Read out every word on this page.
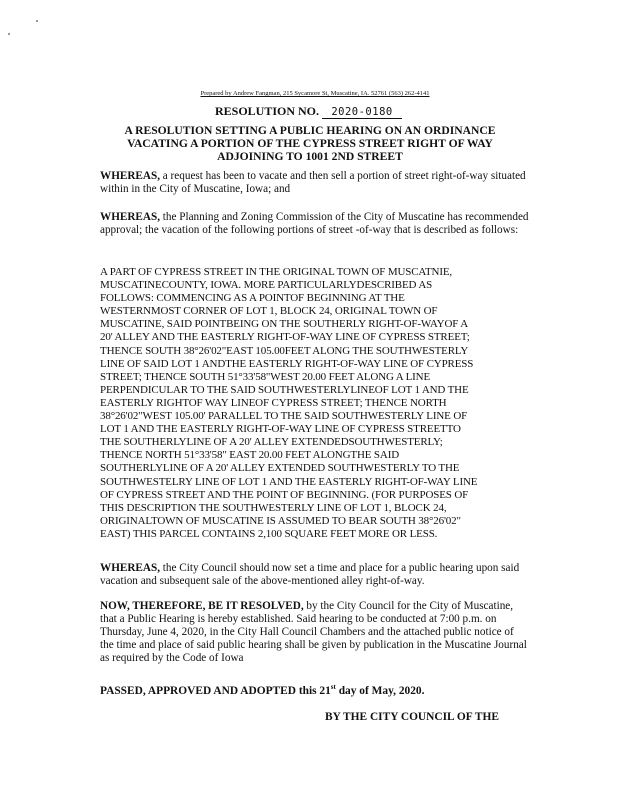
Prepared by Andrew Fangman, 215 Sycamore St, Muscatine, IA. 52761 (563) 262-4141
RESOLUTION NO. 2020-0180
A RESOLUTION SETTING A PUBLIC HEARING ON AN ORDINANCE VACATING A PORTION OF THE CYPRESS STREET RIGHT OF WAY ADJOINING TO 1001 2ND STREET
WHEREAS, a request has been to vacate and then sell a portion of street right-of-way situated within in the City of Muscatine, Iowa; and
WHEREAS, the Planning and Zoning Commission of the City of Muscatine has recommended approval; the vacation of the following portions of street -of-way that is described as follows:
A PART OF CYPRESS STREET IN THE ORIGINAL TOWN OF MUSCATNIE,
MUSCATINECOUNTY, IOWA. MORE PARTICULARLYDESCRIBED AS
FOLLOWS: COMMENCING AS A POINTOF BEGINNING AT THE
WESTERNMOST CORNER OF LOT 1, BLOCK 24, ORIGINAL TOWN OF
MUSCATINE, SAID POINTBEING ON THE SOUTHERLY RIGHT-OF-WAYOF A
20' ALLEY AND THE EASTERLY RIGHT-OF-WAY LINE OF CYPRESS STREET;
THENCE SOUTH 38°26'02"EAST 105.00FEET ALONG THE SOUTHWESTERLY
LINE OF SAID LOT 1 ANDTHE EASTERLY RIGHT-OF-WAY LINE OF CYPRESS
STREET; THENCE SOUTH 51°33'58"WEST 20.00 FEET ALONG A LINE
PERPENDICULAR TO THE SAID SOUTHWESTERLYLINEOF LOT 1 AND THE
EASTERLY RIGHTOF WAY LINEOF CYPRESS STREET; THENCE NORTH
38°26'02"WEST 105.00' PARALLEL TO THE SAID SOUTHWESTERLY LINE OF
LOT 1 AND THE EASTERLY RIGHT-OF-WAY LINE OF CYPRESS STREETTO
THE SOUTHERLYLINE OF A 20' ALLEY EXTENDEDSOUTHWESTERLY;
THENCE NORTH 51°33'58" EAST 20.00 FEET ALONGTHE SAID
SOUTHERLYLINE OF A 20' ALLEY EXTENDED SOUTHWESTERLY TO THE
SOUTHWESTELRY LINE OF LOT 1 AND THE EASTERLY RIGHT-OF-WAY LINE
OF CYPRESS STREET AND THE POINT OF BEGINNING. (FOR PURPOSES OF
THIS DESCRIPTION THE SOUTHWESTERLY LINE OF LOT 1, BLOCK 24,
ORIGINALTOWN OF MUSCATINE IS ASSUMED TO BEAR SOUTH 38°26'02"
EAST) THIS PARCEL CONTAINS 2,100 SQUARE FEET MORE OR LESS.
WHEREAS, the City Council should now set a time and place for a public hearing upon said vacation and subsequent sale of the above-mentioned alley right-of-way.
NOW, THEREFORE, BE IT RESOLVED, by the City Council for the City of Muscatine, that a Public Hearing is hereby established. Said hearing to be conducted at 7:00 p.m. on Thursday, June 4, 2020, in the City Hall Council Chambers and the attached public notice of the time and place of said public hearing shall be given by publication in the Muscatine Journal as required by the Code of Iowa
PASSED, APPROVED AND ADOPTED this 21st day of May, 2020.
BY THE CITY COUNCIL OF THE
